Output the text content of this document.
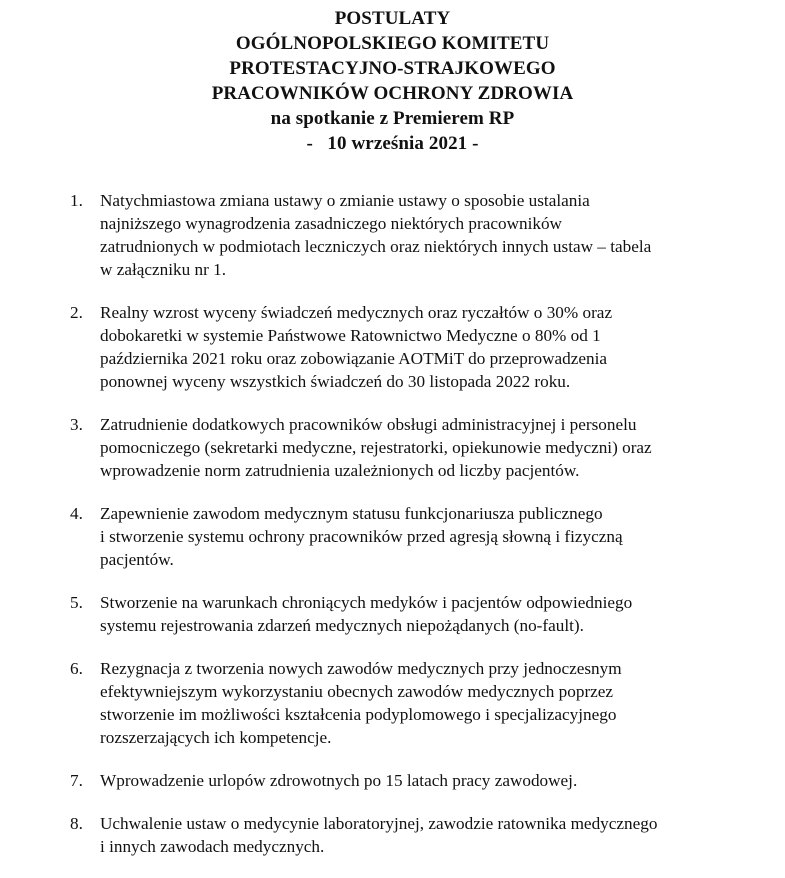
POSTULATY
OGÓLNOPOLSKIEGO KOMITETU
PROTESTACYJNO-STRAJKOWEGO
PRACOWNIKÓW OCHRONY ZDROWIA
na spotkanie z Premierem RP
-   10 września 2021 -
1. Natychmiastowa zmiana ustawy o zmianie ustawy o sposobie ustalania
najniższego wynagrodzenia zasadniczego niektórych pracowników
zatrudnionych w podmiotach leczniczych oraz niektórych innych ustaw – tabela
w załączniku nr 1.
2. Realny wzrost wyceny świadczeń medycznych oraz ryczałtów o 30% oraz
dobokaretki w systemie Państwowe Ratownictwo Medyczne o 80% od 1
października 2021 roku oraz zobowiązanie AOTMiT do przeprowadzenia
ponownej wyceny wszystkich świadczeń do 30 listopada 2022 roku.
3. Zatrudnienie dodatkowych pracowników obsługi administracyjnej i personelu
pomocniczego (sekretarki medyczne, rejestratorki, opiekunowie medyczni) oraz
wprowadzenie norm zatrudnienia uzależnionych od liczby pacjentów.
4. Zapewnienie zawodom medycznym statusu funkcjonariusza publicznego
i stworzenie systemu ochrony pracowników przed agresją słowną i fizyczną
pacjentów.
5. Stworzenie na warunkach chroniących medyków i pacjentów odpowiedniego
systemu rejestrowania zdarzeń medycznych niepożądanych (no-fault).
6. Rezygnacja z tworzenia nowych zawodów medycznych przy jednoczesnym
efektywniejszym wykorzystaniu obecnych zawodów medycznych poprzez
stworzenie im możliwości kształcenia podyplomowego i specjalizacyjnego
rozszerzających ich kompetencje.
7. Wprowadzenie urlopów zdrowotnych po 15 latach pracy zawodowej.
8. Uchwalenie ustaw o medycynie laboratoryjnej, zawodzie ratownika medycznego
i innych zawodach medycznych.
